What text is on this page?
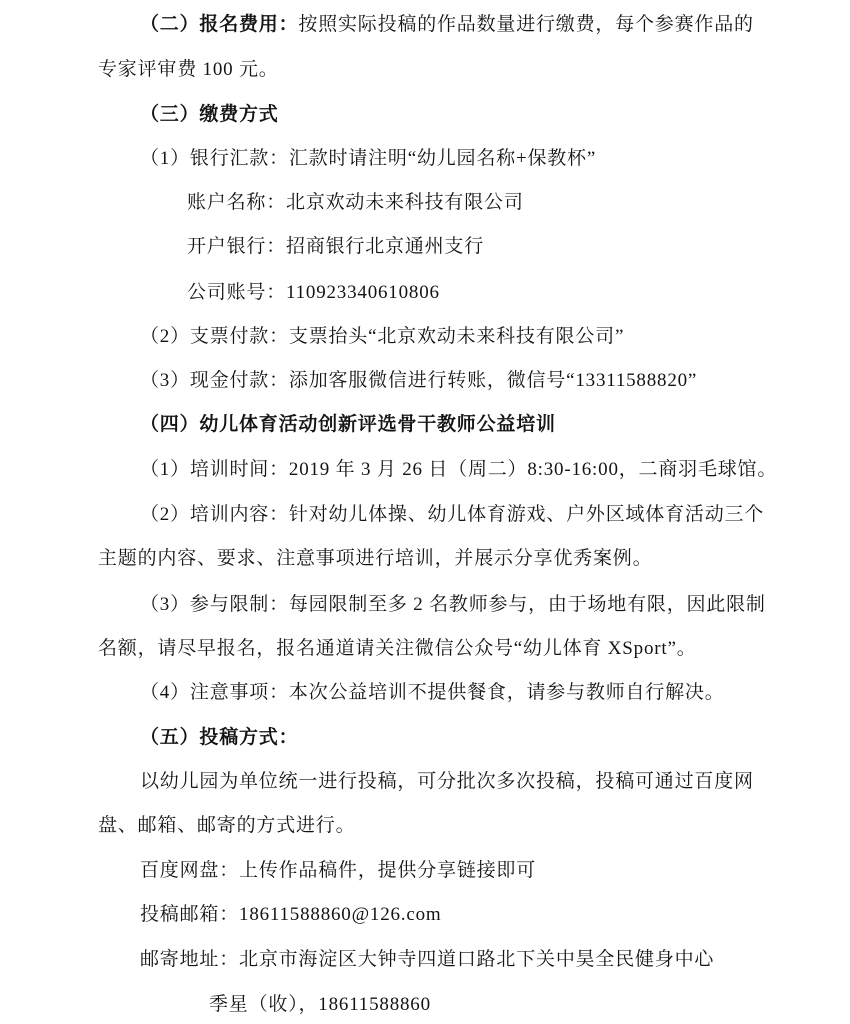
（二）报名费用：按照实际投稿的作品数量进行缴费，每个参赛作品的
专家评审费 100 元。
（三）缴费方式
（1）银行汇款：汇款时请注明“幼儿园名称+保教杯”
账户名称：北京欢动未来科技有限公司
开户银行：招商银行北京通州支行
公司账号：110923340610806
（2）支票付款：支票抬头“北京欢动未来科技有限公司”
（3）现金付款：添加客服微信进行转账，微信号“13311588820”
（四）幼儿体育活动创新评选骨干教师公益培训
（1）培训时间：2019 年 3 月 26 日（周二）8:30-16:00，二商羽毛球馆。
（2）培训内容：针对幼儿体操、幼儿体育游戏、户外区域体育活动三个
主题的内容、要求、注意事项进行培训，并展示分享优秀案例。
（3）参与限制：每园限制至多 2 名教师参与，由于场地有限，因此限制
名额，请尽早报名，报名通道请关注微信公众号“幼儿体育 XSport”。
（4）注意事项：本次公益培训不提供餐食，请参与教师自行解决。
（五）投稿方式：
以幼儿园为单位统一进行投稿，可分批次多次投稿，投稿可通过百度网
盘、邮箱、邮寄的方式进行。
百度网盘：上传作品稿件，提供分享链接即可
投稿邮箱：18611588860@126.com
邮寄地址：北京市海淀区大钟寺四道口路北下关中昊全民健身中心
季星（收），18611588860
